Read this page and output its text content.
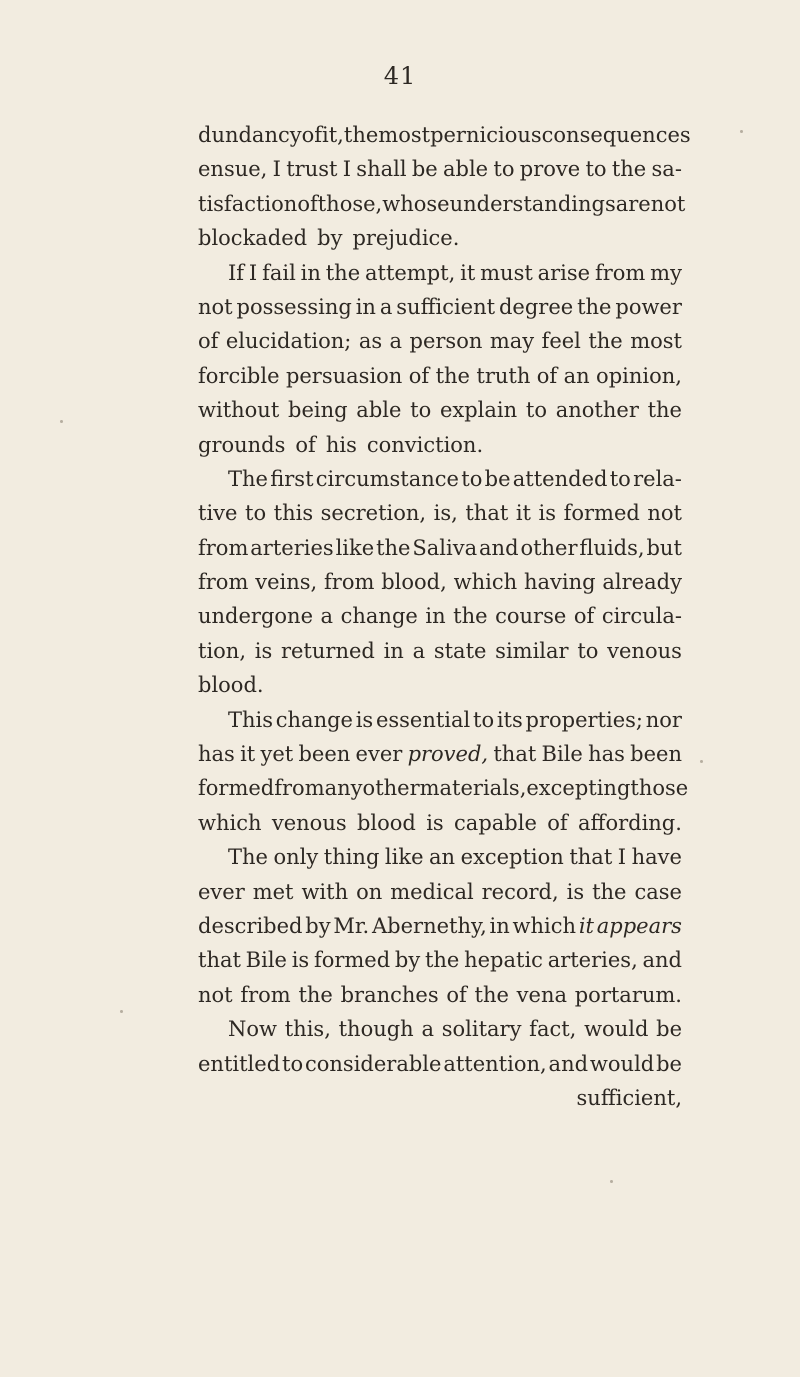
41
dundancy of it, the most pernicious consequences
ensue, I trust I shall be able to prove to the sa-
tisfaction of those, whose understandings are not
blockaded by prejudice.
If I fail in the attempt, it must arise from my
not possessing in a sufficient degree the power
of elucidation; as a person may feel the most
forcible persuasion of the truth of an opinion,
without being able to explain to another the
grounds of his conviction.
The first circumstance to be attended to rela-
tive to this secretion, is, that it is formed not
from arteries like the Saliva and other fluids, but
from veins, from blood, which having already
undergone a change in the course of circula-
tion, is returned in a state similar to venous
blood.
This change is essential to its properties; nor
has it yet been ever proved, that Bile has been
formed from any other materials, excepting those
which venous blood is capable of affording.
The only thing like an exception that I have
ever met with on medical record, is the case
described by Mr. Abernethy, in which it appears
that Bile is formed by the hepatic arteries, and
not from the branches of the vena portarum.
Now this, though a solitary fact, would be
entitled to considerable attention, and would be
sufficient,
